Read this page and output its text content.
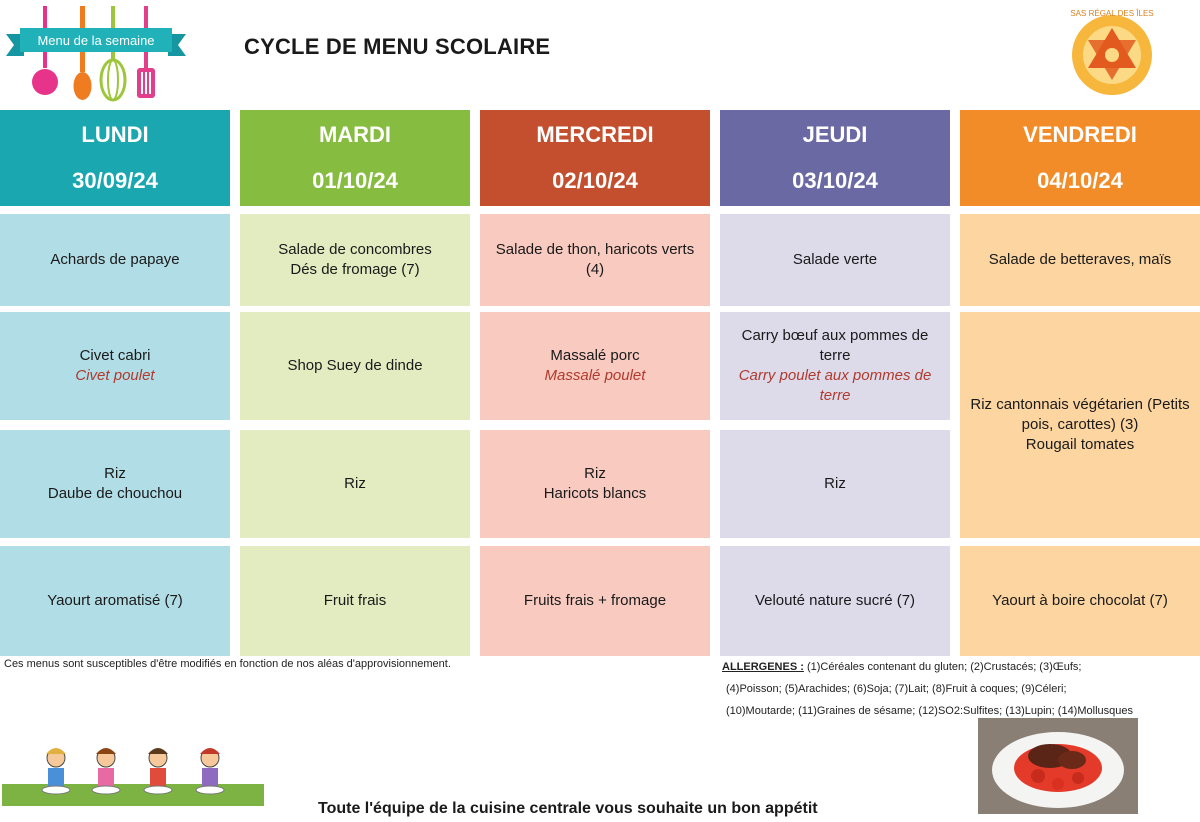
Menu de la semaine	CYCLE DE MENU SCOLAIRE
SAS RÉGAL DES ÎLES
LUNDI
30/09/24
Achards de papaye
Civet cabri
Civet poulet
Riz
Daube de chouchou
Yaourt aromatisé (7)
MARDI
01/10/24
Salade de concombres
Dés de fromage (7)
Shop Suey de dinde
Riz
Fruit frais
MERCREDI
02/10/24
Salade de thon, haricots verts
(4)
Massalé porc
Massalé poulet
Riz
Haricots blancs
Fruits frais + fromage
JEUDI
03/10/24
Salade verte
Carry bœuf aux pommes de
terre
Carry poulet aux pommes de
terre
Riz
Velouté nature sucré (7)
VENDREDI
04/10/24
Salade de betteraves, maïs
Riz cantonnais végétarien (Petits
pois, carottes) (3)
Rougail tomates
Yaourt à boire chocolat (7)
Ces menus sont susceptibles d'être modifiés en fonction de nos aléas d'approvisionnement.	ALLERGENES : (1)Céréales contenant du gluten; (2)Crustacés; (3)Œufs;
(4)Poisson; (5)Arachides; (6)Soja; (7)Lait; (8)Fruit à coques; (9)Céleri;
(10)Moutarde; (11)Graines de sésame; (12)SO2:Sulfites; (13)Lupin; (14)Mollusques
Toute l'équipe de la cuisine centrale vous souhaite un bon appétit
